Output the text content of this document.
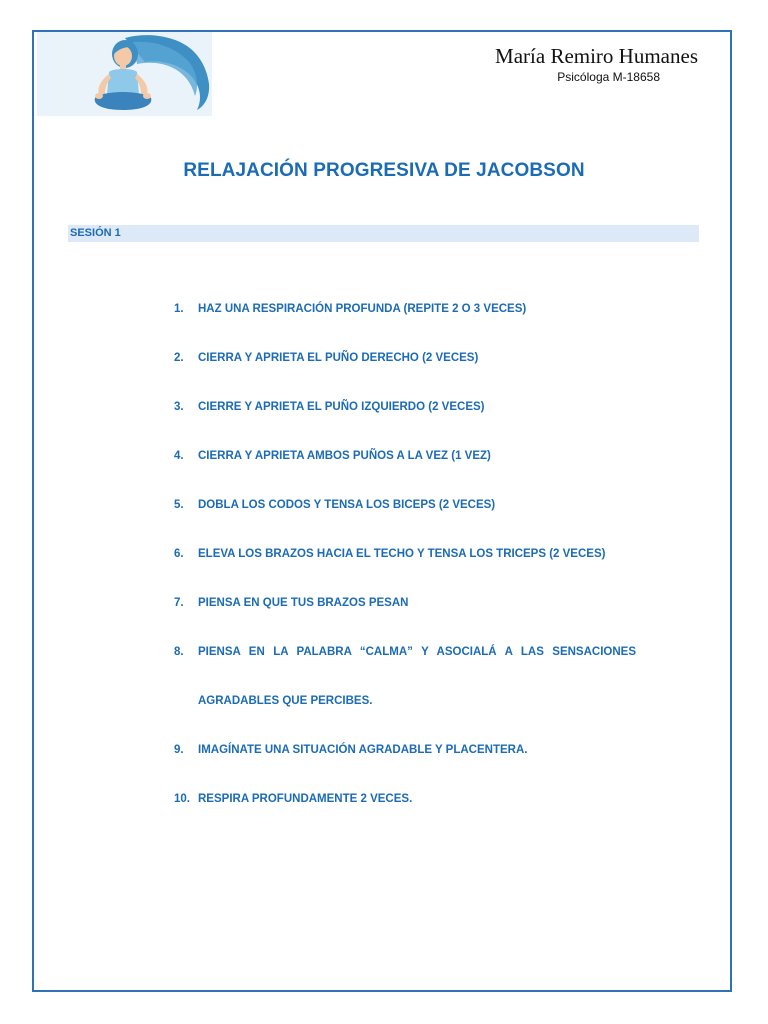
María Remiro Humanes
Psicóloga M-18658
RELAJACIÓN PROGRESIVA DE JACOBSON
SESIÓN 1
1. HAZ UNA RESPIRACIÓN PROFUNDA (REPITE 2 O 3 VECES)
2. CIERRA Y APRIETA EL PUÑO DERECHO (2 VECES)
3. CIERRE Y APRIETA EL PUÑO IZQUIERDO (2 VECES)
4. CIERRA Y APRIETA AMBOS PUÑOS A LA VEZ (1 VEZ)
5. DOBLA LOS CODOS Y TENSA LOS BICEPS (2 VECES)
6. ELEVA LOS BRAZOS HACIA EL TECHO Y TENSA LOS TRICEPS (2 VECES)
7. PIENSA EN QUE TUS BRAZOS PESAN
8. PIENSA EN LA PALABRA “CALMA” Y ASOCIALÁ A LAS SENSACIONES
AGRADABLES QUE PERCIBES.
9. IMAGÍNATE UNA SITUACIÓN AGRADABLE Y PLACENTERA.
10. RESPIRA PROFUNDAMENTE 2 VECES.
